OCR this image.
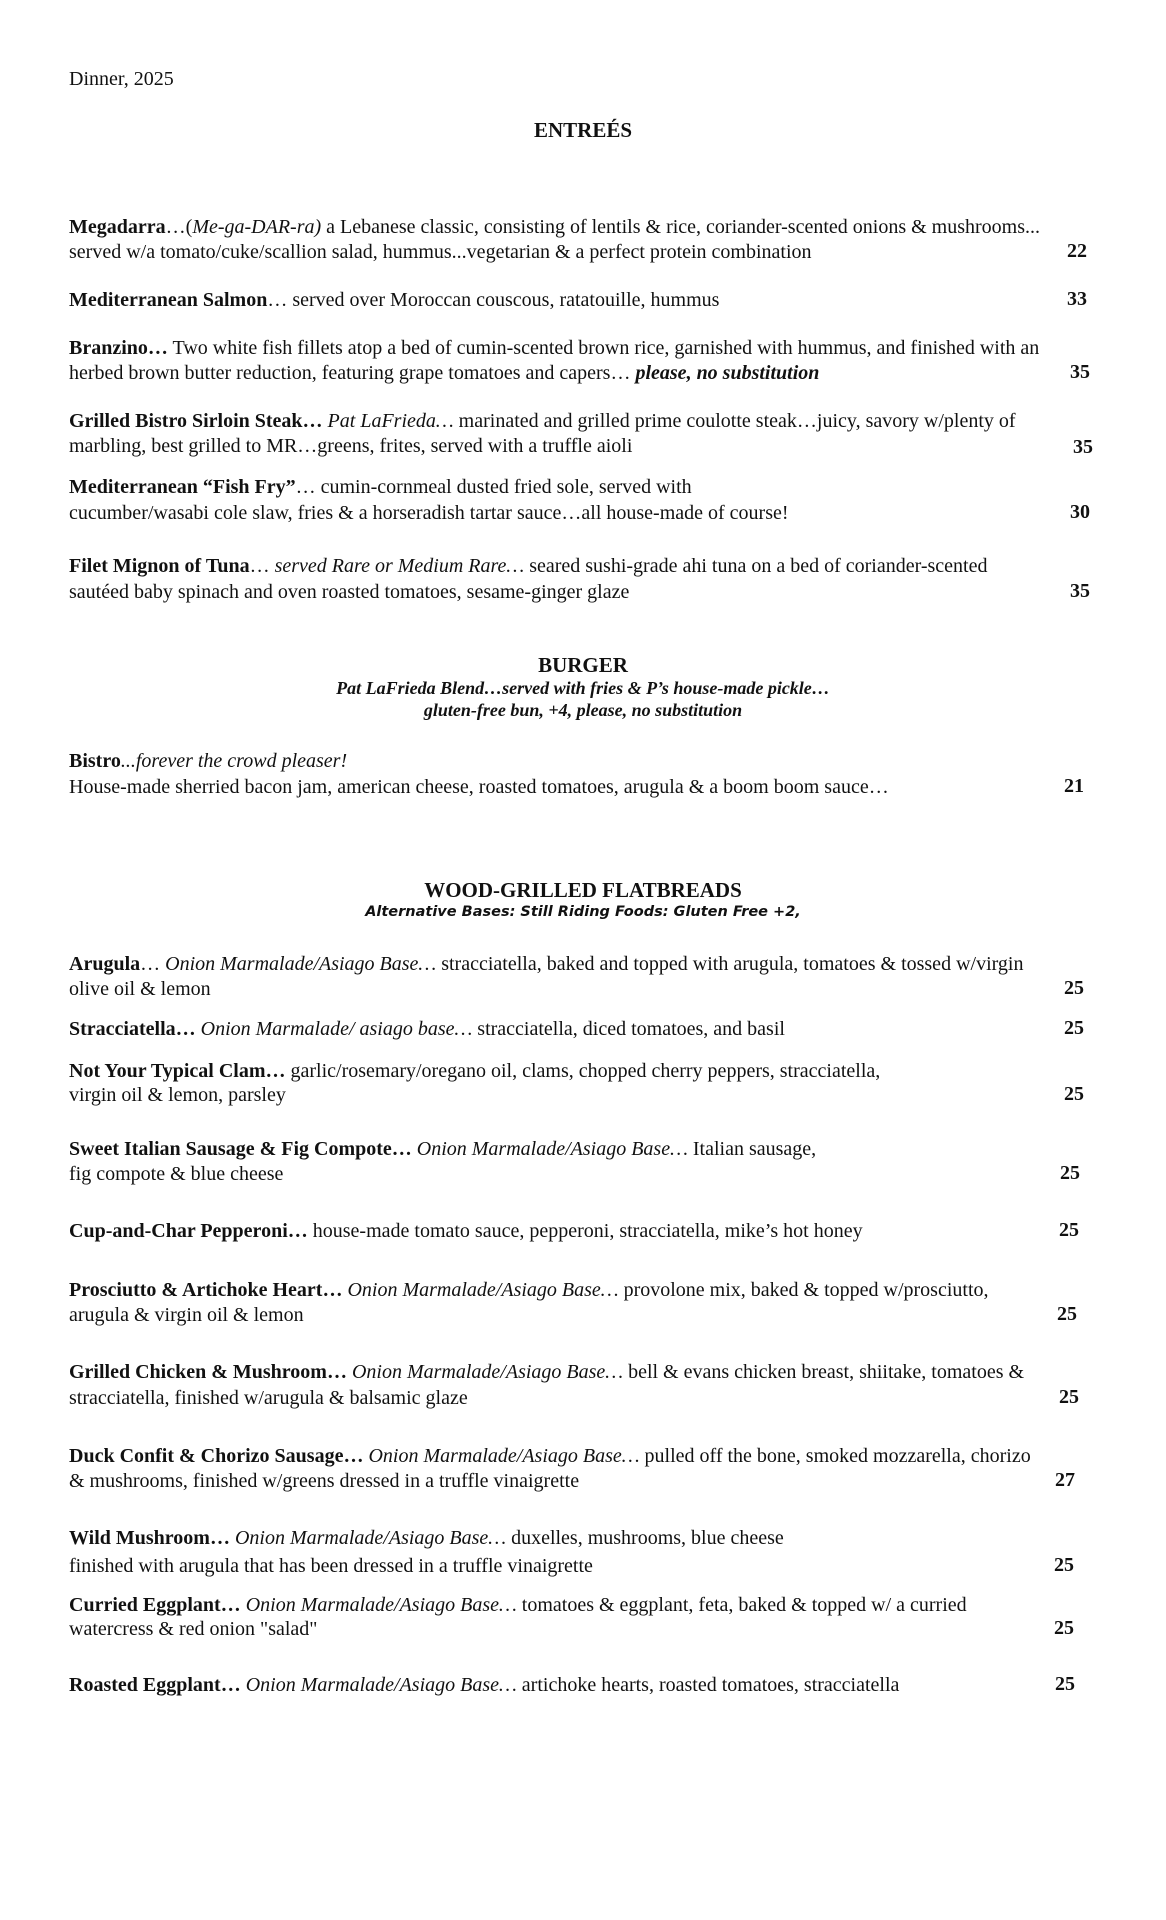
Dinner, 2025
ENTREÉS
Megadarra…(Me-ga-DAR-ra) a Lebanese classic, consisting of lentils & rice, coriander-scented onions & mushrooms...
served w/a tomato/cuke/scallion salad, hummus...vegetarian & a perfect protein combination	22
Mediterranean Salmon… served over Moroccan couscous, ratatouille, hummus	33
Branzino… Two white fish fillets atop a bed of cumin-scented brown rice, garnished with hummus, and finished with an
herbed brown butter reduction, featuring grape tomatoes and capers… please, no substitution	35
Grilled Bistro Sirloin Steak… Pat LaFrieda… marinated and grilled prime coulotte steak…juicy, savory w/plenty of
marbling, best grilled to MR…greens, frites, served with a truffle aioli	35
Mediterranean “Fish Fry”… cumin-cornmeal dusted fried sole, served with
cucumber/wasabi cole slaw, fries & a horseradish tartar sauce…all house-made of course!	30
Filet Mignon of Tuna… served Rare or Medium Rare… seared sushi-grade ahi tuna on a bed of coriander-scented
sautéed baby spinach and oven roasted tomatoes, sesame-ginger glaze	35
BURGER
Pat LaFrieda Blend…served with fries & P’s house-made pickle…
gluten-free bun, +4, please, no substitution
Bistro...forever the crowd pleaser!
House-made sherried bacon jam, american cheese, roasted tomatoes, arugula & a boom boom sauce…	21
WOOD-GRILLED FLATBREADS
Alternative Bases: Still Riding Foods: Gluten Free +2,
Arugula… Onion Marmalade/Asiago Base… stracciatella, baked and topped with arugula, tomatoes & tossed w/virgin
olive oil & lemon	25
Stracciatella… Onion Marmalade/ asiago base… stracciatella, diced tomatoes, and basil	25
Not Your Typical Clam… garlic/rosemary/oregano oil, clams, chopped cherry peppers, stracciatella,
virgin oil & lemon, parsley	25
Sweet Italian Sausage & Fig Compote… Onion Marmalade/Asiago Base… Italian sausage,
fig compote & blue cheese	25
Cup-and-Char Pepperoni… house-made tomato sauce, pepperoni, stracciatella, mike’s hot honey	25
Prosciutto & Artichoke Heart… Onion Marmalade/Asiago Base… provolone mix, baked & topped w/prosciutto,
arugula & virgin oil & lemon	25
Grilled Chicken & Mushroom… Onion Marmalade/Asiago Base… bell & evans chicken breast, shiitake, tomatoes &
stracciatella, finished w/arugula & balsamic glaze	25
Duck Confit & Chorizo Sausage… Onion Marmalade/Asiago Base… pulled off the bone, smoked mozzarella, chorizo
& mushrooms, finished w/greens dressed in a truffle vinaigrette	27
Wild Mushroom… Onion Marmalade/Asiago Base… duxelles, mushrooms, blue cheese
finished with arugula that has been dressed in a truffle vinaigrette	25
Curried Eggplant… Onion Marmalade/Asiago Base… tomatoes & eggplant, feta, baked & topped w/ a curried
watercress & red onion "salad"	25
Roasted Eggplant… Onion Marmalade/Asiago Base… artichoke hearts, roasted tomatoes, stracciatella	25
